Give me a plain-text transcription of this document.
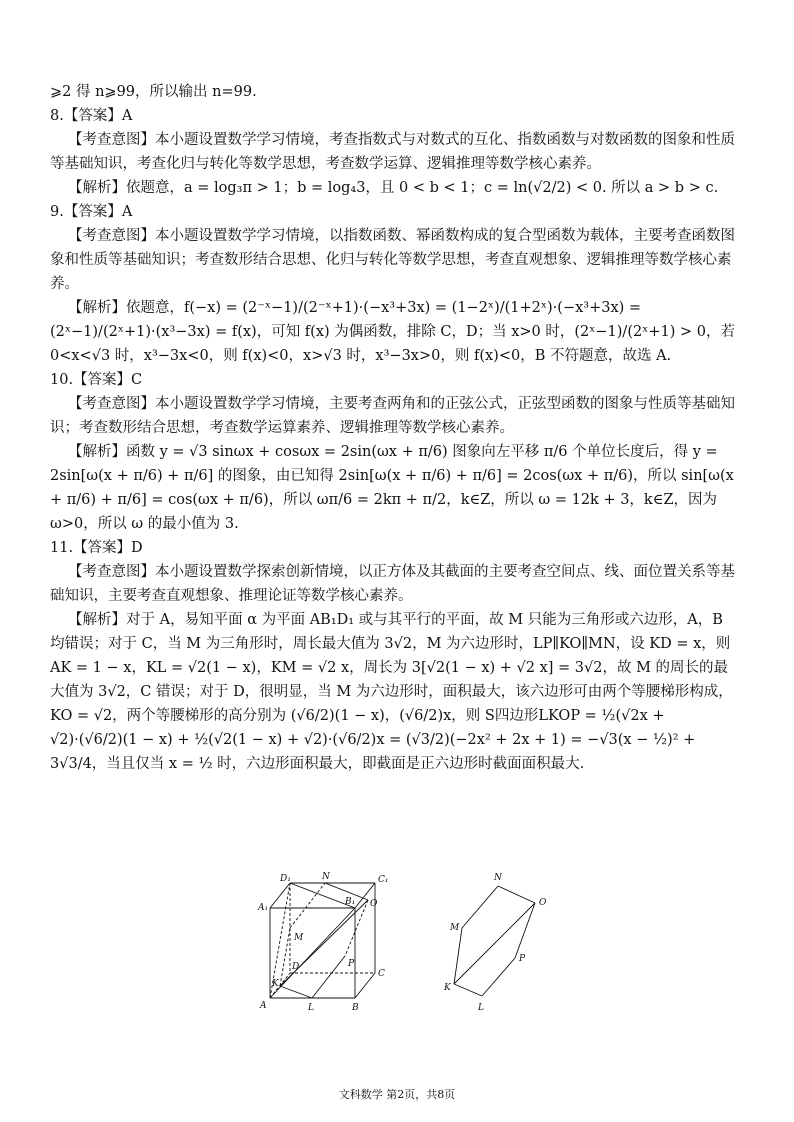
⩾2 得 n⩾99，所以输出 n=99.

8.【答案】A

【考查意图】本小题设置数学学习情境，考查指数式与对数式的互化、指数函数与对数函数的图象和性质等基础知识，考查化归与转化等数学思想，考查数学运算、逻辑推理等数学核心素养。

【解析】依题意，a = log₃π > 1；b = log₄3，且 0 < b < 1；c = ln(√2/2) < 0. 所以 a > b > c.

9.【答案】A

【考查意图】本小题设置数学学习情境，以指数函数、幂函数构成的复合型函数为载体，主要考查函数图象和性质等基础知识；考查数形结合思想、化归与转化等数学思想，考查直观想象、逻辑推理等数学核心素养。

【解析】依题意，f(−x) = (2⁻ˣ−1)/(2⁻ˣ+1)·(−x³+3x) = (1−2ˣ)/(1+2ˣ)·(−x³+3x) = (2ˣ−1)/(2ˣ+1)·(x³−3x) = f(x)，可知 f(x) 为偶函数，排除 C，D；当 x>0 时，(2ˣ−1)/(2ˣ+1) > 0，若 0<x<√3 时，x³−3x<0，则 f(x)<0，x>√3 时，x³−3x>0，则 f(x)<0，B 不符题意，故选 A.

10.【答案】C

【考查意图】本小题设置数学学习情境，主要考查两角和的正弦公式，正弦型函数的图象与性质等基础知识；考查数形结合思想，考查数学运算素养、逻辑推理等数学核心素养。

【解析】函数 y = √3 sinωx + cosωx = 2sin(ωx + π/6) 图象向左平移 π/6 个单位长度后，得 y = 2sin[ω(x + π/6) + π/6] 的图象，由已知得 2sin[ω(x + π/6) + π/6] = 2cos(ωx + π/6)，所以 sin[ω(x + π/6) + π/6] = cos(ωx + π/6)，所以 ωπ/6 = 2kπ + π/2，k∈Z，所以 ω = 12k + 3，k∈Z，因为 ω>0，所以 ω 的最小值为 3.

11.【答案】D

【考查意图】本小题设置数学探索创新情境，以正方体及其截面的主要考查空间点、线、面位置关系等基础知识，主要考查直观想象、推理论证等数学核心素养。

【解析】对于 A，易知平面 α 为平面 AB₁D₁ 或与其平行的平面，故 M 只能为三角形或六边形，A，B 均错误；对于 C，当 M 为三角形时，周长最大值为 3√2，M 为六边形时，LP∥KO∥MN，设 KD = x，则 AK = 1 − x，KL = √2(1 − x)，KM = √2 x，周长为 3[√2(1 − x) + √2 x] = 3√2，故 M 的周长的最大值为 3√2，C 错误；对于 D，很明显，当 M 为六边形时，面积最大，该六边形可由两个等腰梯形构成，KO = √2，两个等腰梯形的高分别为 (√6/2)(1 − x)，(√6/2)x，则 S四边形LKOP = ½(√2x + √2)·(√6/2)(1 − x) + ½(√2(1 − x) + √2)·(√6/2)x = (√3/2)(−2x² + 2x + 1) = −√3(x − ½)² + 3√3/4，当且仅当 x = ½ 时，六边形面积最大，即截面是正六边形时截面面积最大.

D₁	N	C₁
A₁
B₁ O
M
D	P
C
K
A	L	B
N
O
M
P
K
L
文科数学 第2页，共8页
